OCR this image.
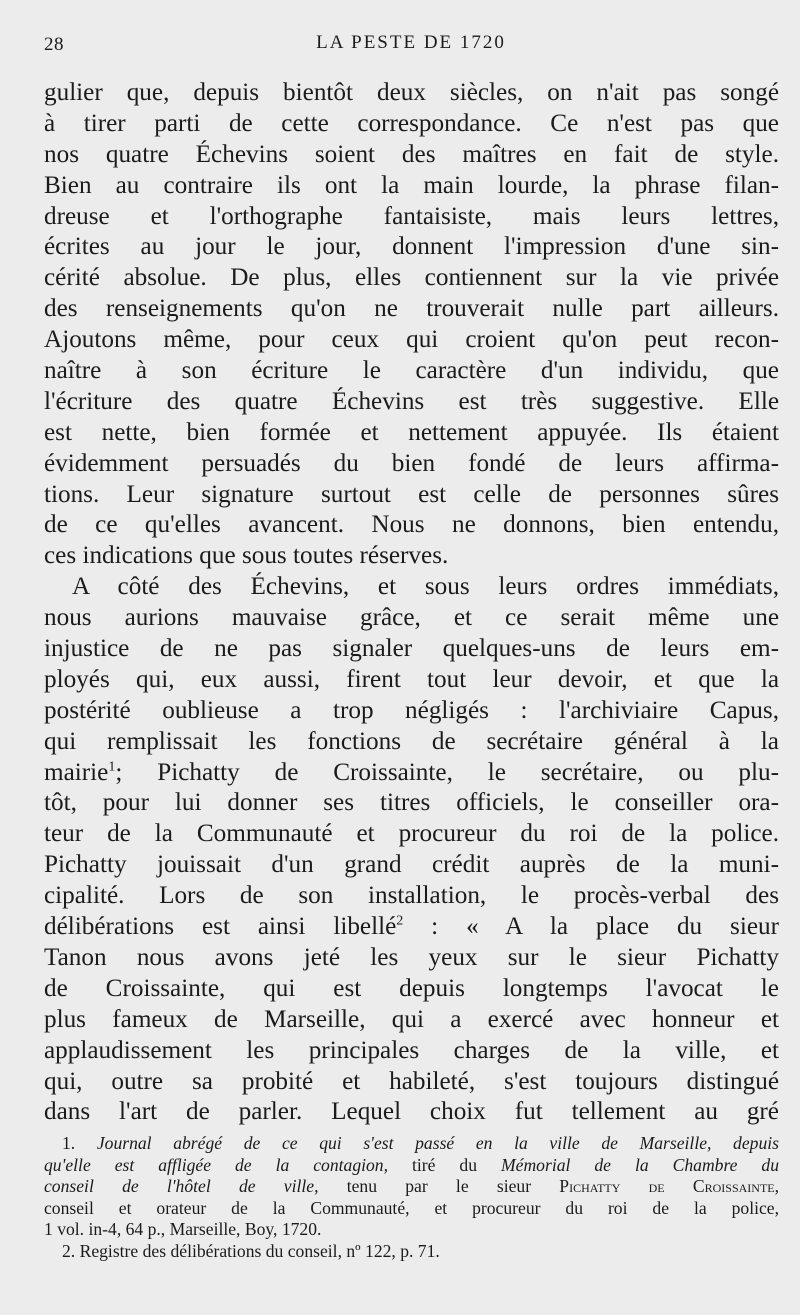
28	LA PESTE DE 1720
gulier que, depuis bientôt deux siècles, on n'ait pas songé
à tirer parti de cette correspondance. Ce n'est pas que
nos quatre Échevins soient des maîtres en fait de style.
Bien au contraire ils ont la main lourde, la phrase filan-
dreuse et l'orthographe fantaisiste, mais leurs lettres,
écrites au jour le jour, donnent l'impression d'une sin-
cérité absolue. De plus, elles contiennent sur la vie privée
des renseignements qu'on ne trouverait nulle part ailleurs.
Ajoutons même, pour ceux qui croient qu'on peut recon-
naître à son écriture le caractère d'un individu, que
l'écriture des quatre Échevins est très suggestive. Elle
est nette, bien formée et nettement appuyée. Ils étaient
évidemment persuadés du bien fondé de leurs affirma-
tions. Leur signature surtout est celle de personnes sûres
de ce qu'elles avancent. Nous ne donnons, bien entendu,
ces indications que sous toutes réserves.
A côté des Échevins, et sous leurs ordres immédiats,
nous aurions mauvaise grâce, et ce serait même une
injustice de ne pas signaler quelques-uns de leurs em-
ployés qui, eux aussi, firent tout leur devoir, et que la
postérité oublieuse a trop négligés : l'archiviaire Capus,
qui remplissait les fonctions de secrétaire général à la
mairie$^1$; Pichatty de Croissainte, le secrétaire, ou plu-
tôt, pour lui donner ses titres officiels, le conseiller ora-
teur de la Communauté et procureur du roi de la police.
Pichatty jouissait d'un grand crédit auprès de la muni-
cipalité. Lors de son installation, le procès-verbal des
délibérations est ainsi libellé$^2$ : « A la place du sieur
Tanon nous avons jeté les yeux sur le sieur Pichatty
de Croissainte, qui est depuis longtemps l'avocat le
plus fameux de Marseille, qui a exercé avec honneur et
applaudissement les principales charges de la ville, et
qui, outre sa probité et habileté, s'est toujours distingué
dans l'art de parler. Lequel choix fut tellement au gré
1. Journal abrégé de ce qui s'est passé en la ville de Marseille, depuis
qu'elle est affligée de la contagion, tiré du Mémorial de la Chambre du
conseil de l'hôtel de ville, tenu par le sieur Pichatty de Croissainte,
conseil et orateur de la Communauté, et procureur du roi de la police,
1 vol. in-4, 64 p., Marseille, Boy, 1720.
2. Registre des délibérations du conseil, nº 122, p. 71.
